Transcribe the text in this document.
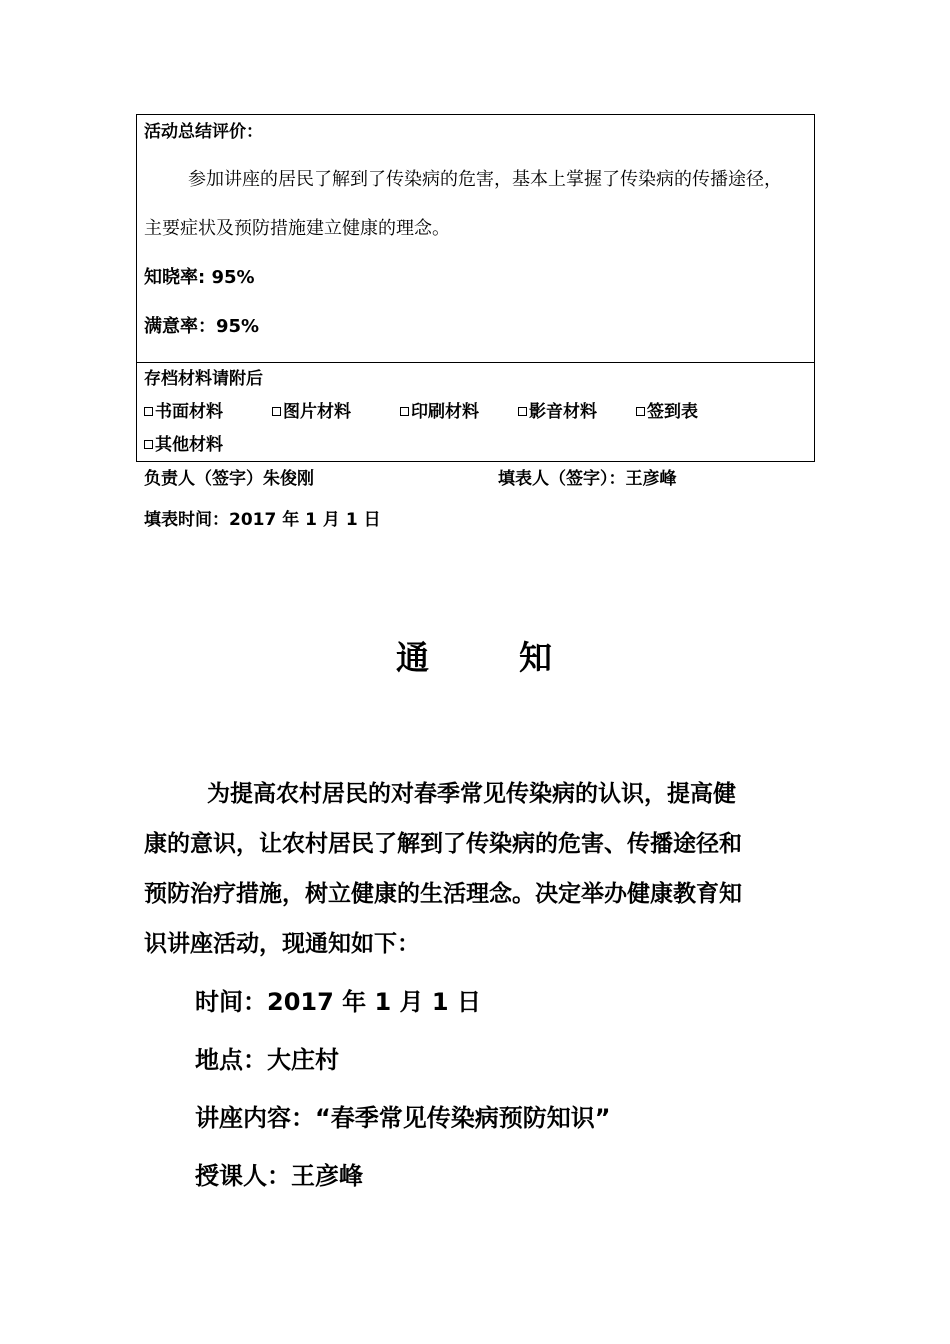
活动总结评价：
参加讲座的居民了解到了传染病的危害，基本上掌握了传染病的传播途径，
主要症状及预防措施建立健康的理念。
知晓率: 95%
满意率：95%
存档材料请附后
书面材料	图片材料	印刷材料	影音材料	签到表
其他材料
负责人（签字）朱俊刚	填表人（签字）：王彦峰
填表时间：2017 年 1 月 1 日
通	知
为提高农村居民的对春季常见传染病的认识，提高健
康的意识，让农村居民了解到了传染病的危害、传播途径和
预防治疗措施，树立健康的生活理念。决定举办健康教育知
识讲座活动，现通知如下：
时间：2017 年 1 月 1 日
地点：大庄村
讲座内容：“春季常见传染病预防知识”
授课人：王彦峰
